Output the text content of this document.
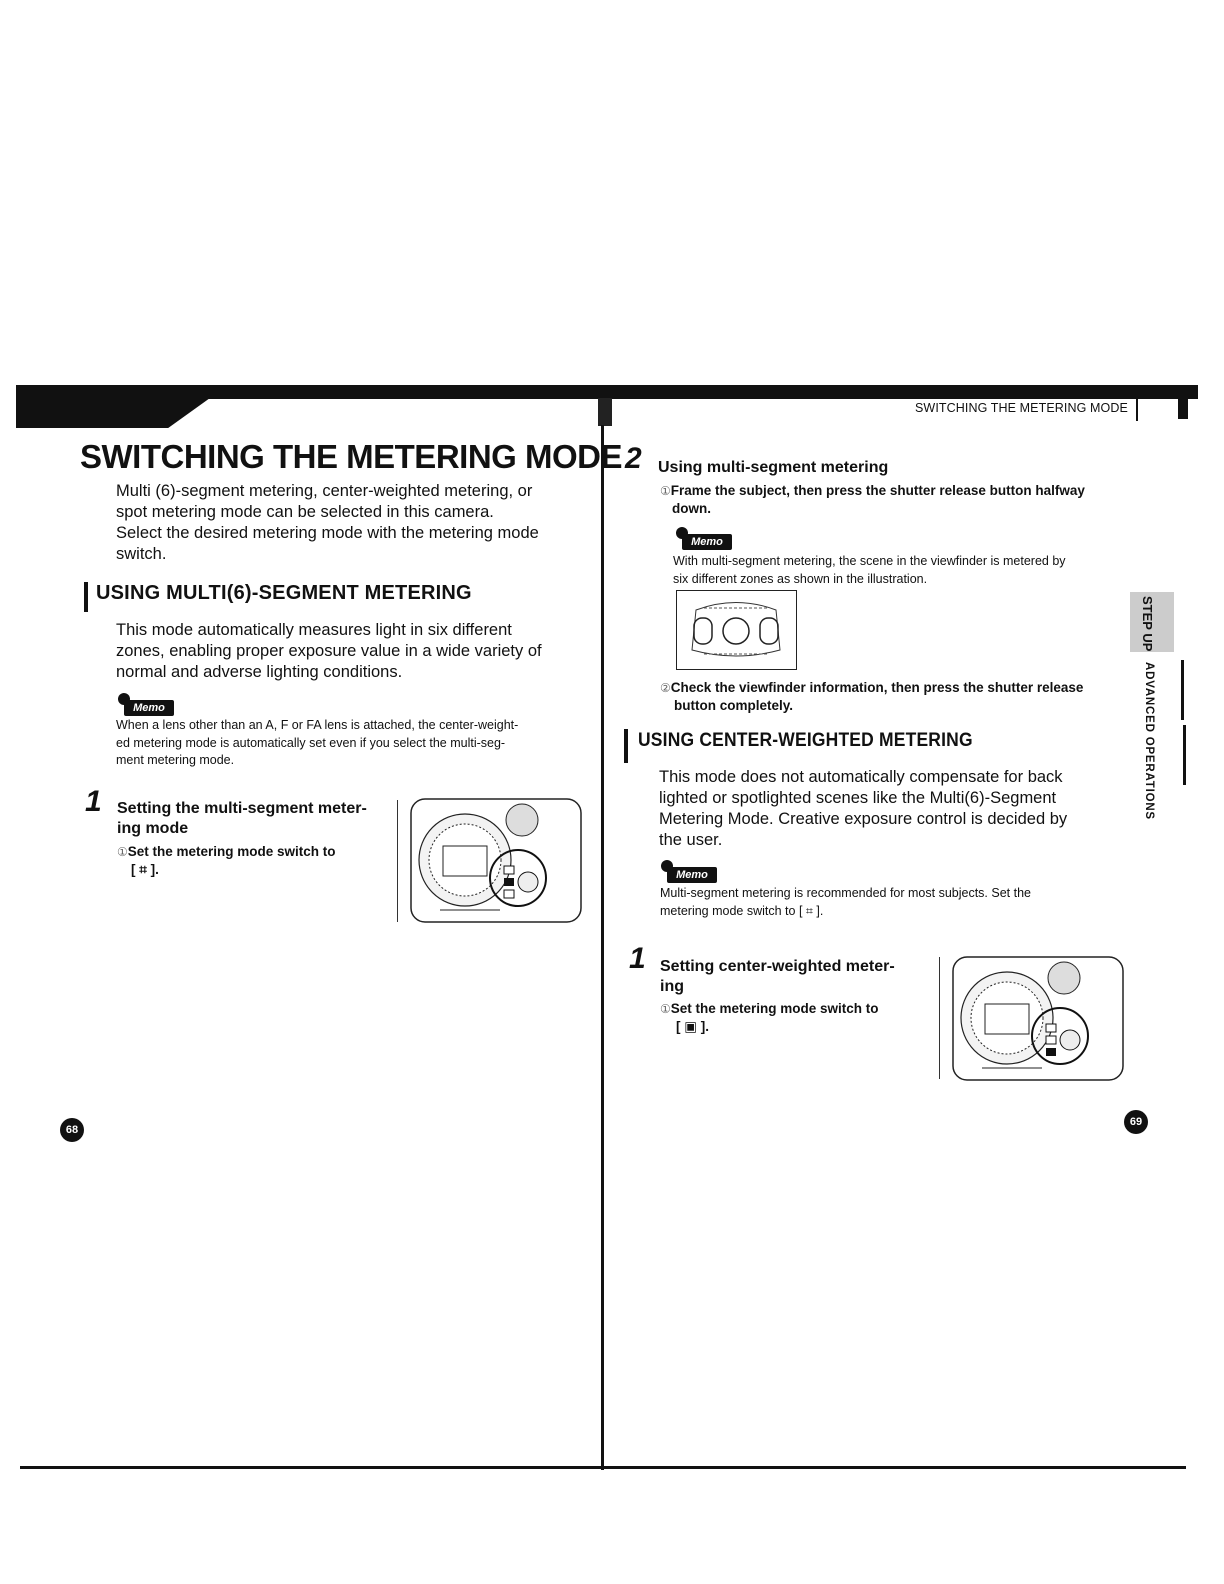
SWITCHING THE METERING MODE
SWITCHING THE METERING MODE
Multi (6)-segment metering, center-weighted metering, or
spot metering mode can be selected in this camera.
Select the desired metering mode with the metering mode
switch.
USING MULTI(6)-SEGMENT METERING
This mode automatically measures light in six different
zones, enabling proper exposure value in a wide variety of
normal and adverse lighting conditions.
Memo
When a lens other than an A, F or FA lens is attached, the center-weight-
ed metering mode is automatically set even if you select the multi-seg-
ment metering mode.
1 Setting the multi-segment meter-
ing mode
①Set the metering mode switch to
[ ⌗ ].
68
2 Using multi-segment metering
①Frame the subject, then press the shutter release button halfway
down.
Memo
With multi-segment metering, the scene in the viewfinder is metered by
six different zones as shown in the illustration.
②Check the viewfinder information, then press the shutter release
button completely.
USING CENTER-WEIGHTED METERING
This mode does not automatically compensate for back
lighted or spotlighted scenes like the Multi(6)-Segment
Metering Mode. Creative exposure control is decided by
the user.
Memo
Multi-segment metering is recommended for most subjects. Set the
metering mode switch to [ ⌗ ].
1 Setting center-weighted meter-
ing
①Set the metering mode switch to
[ ▣ ].
69
STEP UP
ADVANCED OPERATIONS
